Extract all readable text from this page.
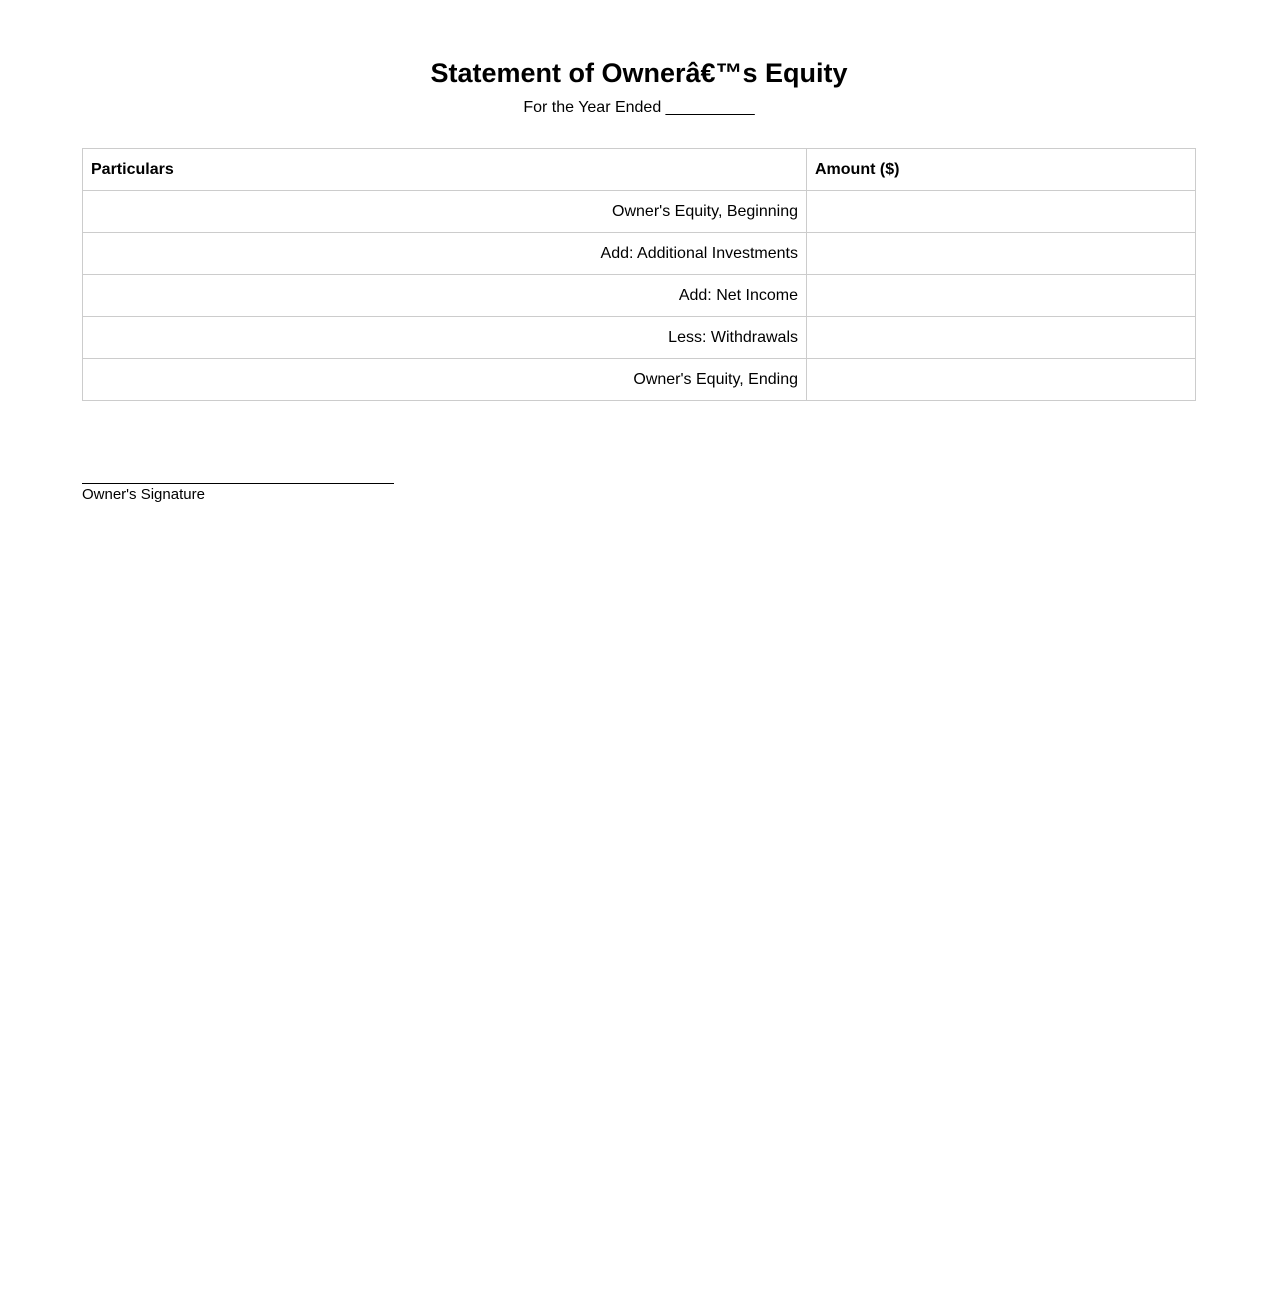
Statement of Ownerâ€™s Equity
For the Year Ended __________
Particulars	Amount ($)
Owner's Equity, Beginning	
Add: Additional Investments	
Add: Net Income	
Less: Withdrawals	
Owner's Equity, Ending	
Owner's Signature
